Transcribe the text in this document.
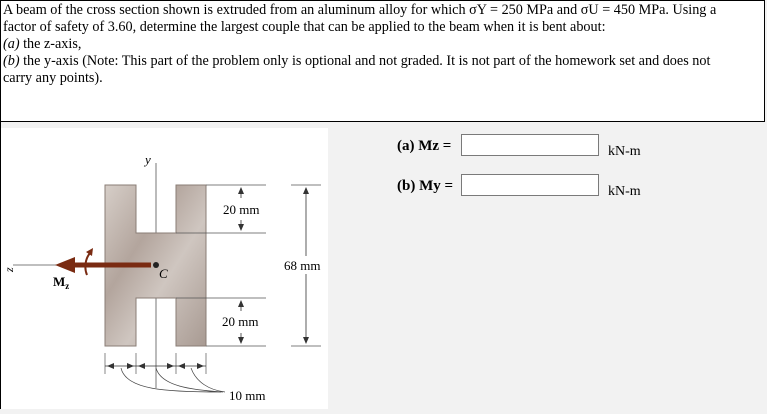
A beam of the cross section shown is extruded from an aluminum alloy for which σY = 250 MPa and σU = 450 MPa. Using a

factor of safety of 3.60, determine the largest couple that can be applied to the beam when it is bent about:

(a) the z-axis,

(b) the y-axis (Note: This part of the problem only is optional and not graded. It is not part of the homework set and does not

carry any points).

y
z
$M_z$
C
20 mm
20 mm
68 mm
10 mm
(a) Mz =	kN-m
(b) My =	kN-m
